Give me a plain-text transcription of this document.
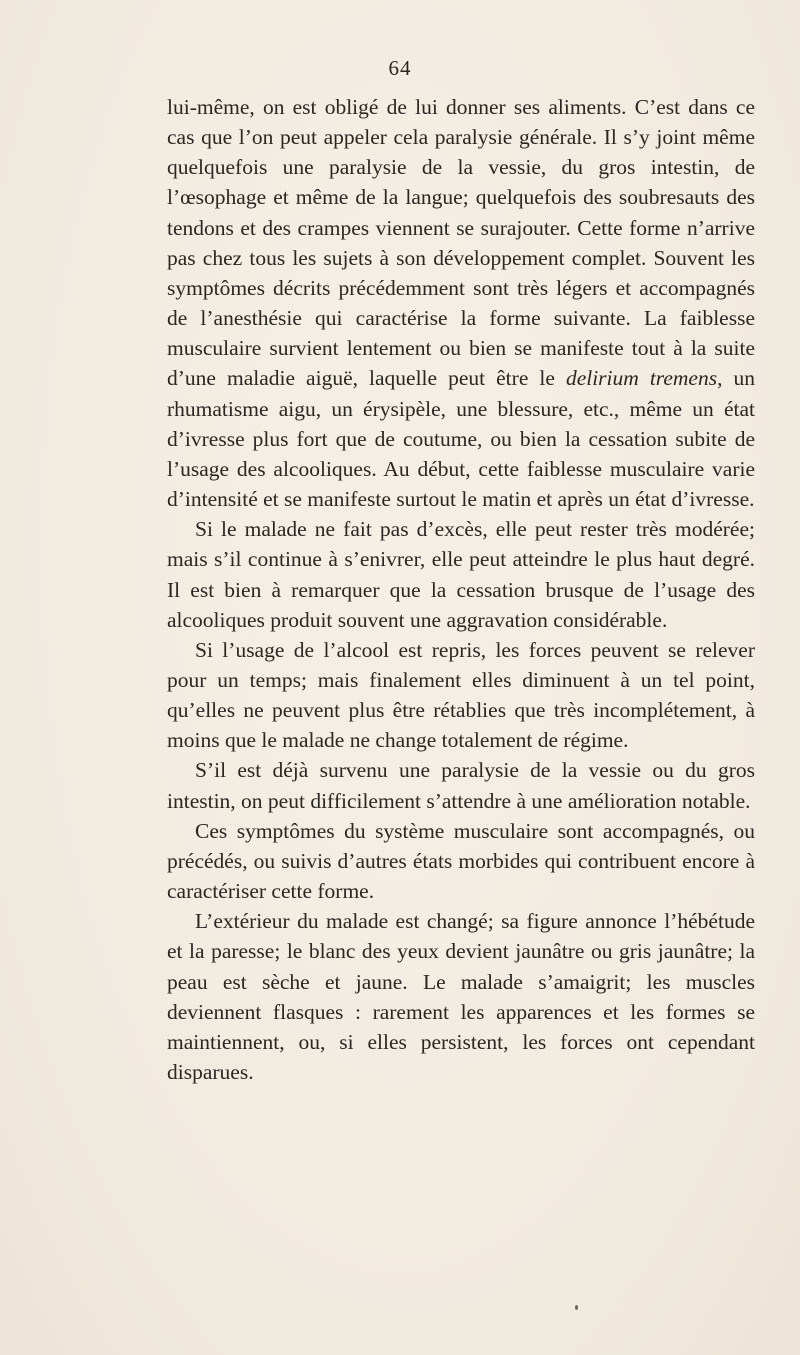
64

lui-même, on est obligé de lui donner ses aliments. C’est dans ce cas que l’on peut appeler cela paralysie générale. Il s’y joint même quelquefois une paralysie de la vessie, du gros intestin, de l’œsophage et même de la langue; quelquefois des soubresauts des tendons et des crampes viennent se surajouter. Cette forme n’arrive pas chez tous les sujets à son développement complet. Souvent les symptômes décrits précédemment sont très légers et accompagnés de l’anesthésie qui caractérise la forme suivante. La faiblesse musculaire survient lentement ou bien se manifeste tout à la suite d’une maladie aiguë, laquelle peut être le delirium tremens, un rhumatisme aigu, un érysipèle, une blessure, etc., même un état d’ivresse plus fort que de coutume, ou bien la cessation subite de l’usage des alcooliques. Au début, cette faiblesse musculaire varie d’intensité et se manifeste surtout le matin et après un état d’ivresse.

Si le malade ne fait pas d’excès, elle peut rester très modérée; mais s’il continue à s’enivrer, elle peut atteindre le plus haut degré. Il est bien à remarquer que la cessation brusque de l’usage des alcooliques produit souvent une aggravation considérable.

Si l’usage de l’alcool est repris, les forces peuvent se relever pour un temps; mais finalement elles diminuent à un tel point, qu’elles ne peuvent plus être rétablies que très incomplétement, à moins que le malade ne change totalement de régime.

S’il est déjà survenu une paralysie de la vessie ou du gros intestin, on peut difficilement s’attendre à une amélioration notable.

Ces symptômes du système musculaire sont accompagnés, ou précédés, ou suivis d’autres états morbides qui contribuent encore à caractériser cette forme.

L’extérieur du malade est changé; sa figure annonce l’hébétude et la paresse; le blanc des yeux devient jaunâtre ou gris jaunâtre; la peau est sèche et jaune. Le malade s’amaigrit; les muscles deviennent flasques : rarement les apparences et les formes se maintiennent, ou, si elles persistent, les forces ont cependant disparues.
